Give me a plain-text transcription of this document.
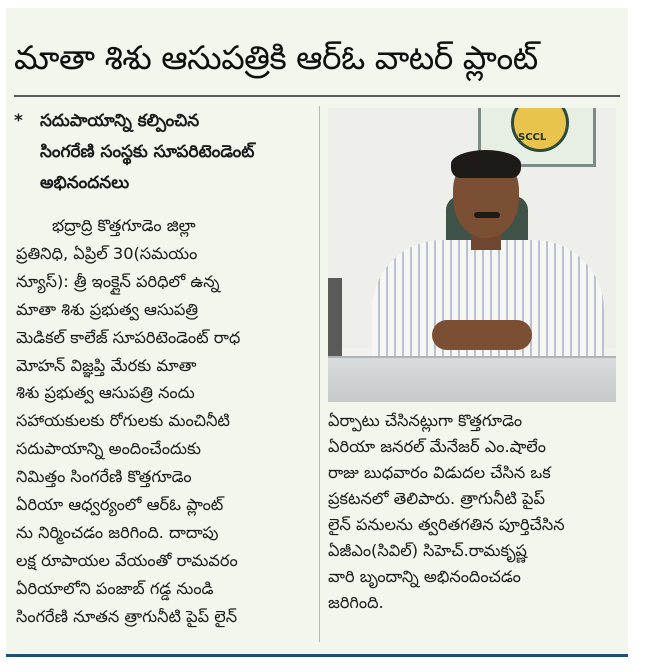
మాతా శిశు ఆసుపత్రికి ఆర్‌ఓ వాటర్ ప్లాంట్
* సదుపాయాన్ని కల్పించిన
సింగరేణి సంస్థకు సూపరిటెండెంట్
అభినందనలు
భద్రాద్రి కొత్తగూడెం జిల్లా
ప్రతినిధి, ఏప్రిల్ 30(సమయం
న్యూస్): త్రీ ఇంక్లైన్ పరిధిలో ఉన్న
మాతా శిశు ప్రభుత్వ ఆసుపత్రి
మెడికల్ కాలేజ్ సూపరిటెండెంట్ రాధ
మోహన్ విజ్ఞప్తి మేరకు మాతా
శిశు ప్రభుత్వ ఆసుపత్రి నందు
సహాయకులకు రోగులకు మంచినీటి
సదుపాయాన్ని అందించేందుకు
నిమిత్తం సింగరేణి కొత్తగూడెం
ఏరియా ఆధ్వర్యంలో ఆర్‌ఓ ప్లాంట్
ను నిర్మించడం జరిగింది. దాదాపు
లక్ష రూపాయల వేయంతో రామవరం
ఏరియాలోని పంజాబ్ గడ్డ నుండి
సింగరేణి నూతన త్రాగునీటి పైప్ లైన్
SCCL
ఏర్పాటు చేసినట్లుగా కొత్తగూడెం
ఏరియా జనరల్ మేనేజర్ ఎం.షాలేం
రాజు బుధవారం విడుదల చేసిన ఒక
ప్రకటనలో తెలిపారు. త్రాగునీటి పైప్
లైన్ పనులను త్వరితగతిన పూర్తిచేసిన
ఏజీఎం(సివిల్) సిహెచ్.రామకృష్ణ
వారి బృందాన్ని అభినందించడం
జరిగింది.
